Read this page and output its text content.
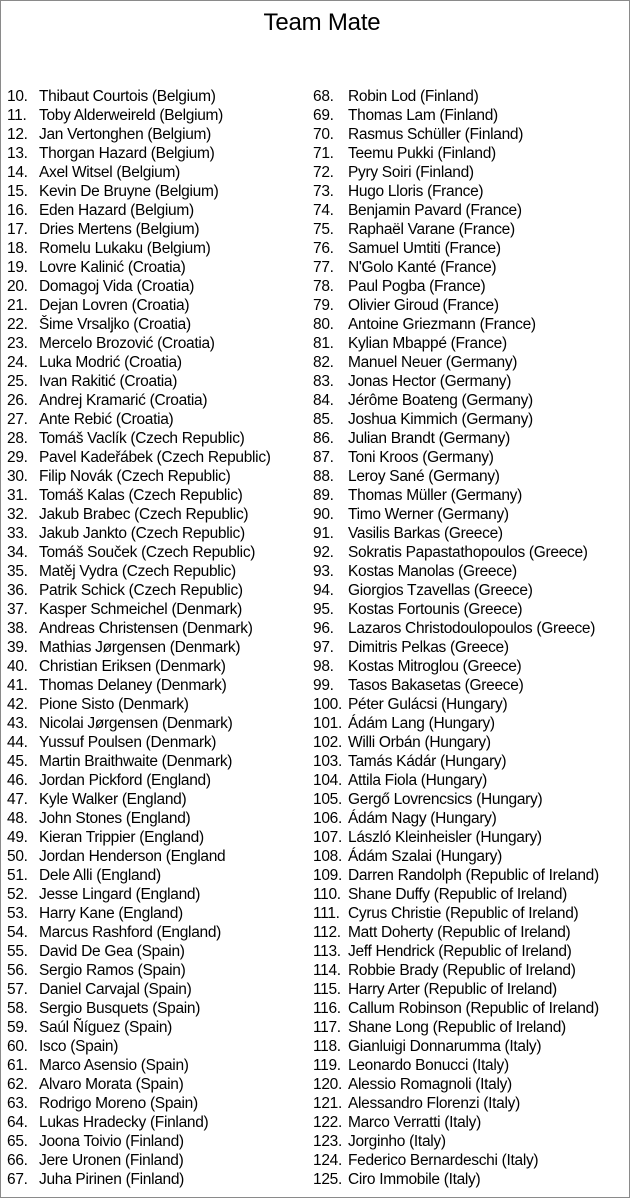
Team Mate
10. Thibaut Courtois (Belgium)
11. Toby Alderweireld (Belgium)
12. Jan Vertonghen (Belgium)
13. Thorgan Hazard (Belgium)
14. Axel Witsel (Belgium)
15. Kevin De Bruyne (Belgium)
16. Eden Hazard (Belgium)
17. Dries Mertens (Belgium)
18. Romelu Lukaku (Belgium)
19. Lovre Kalinić (Croatia)
20. Domagoj Vida (Croatia)
21. Dejan Lovren (Croatia)
22. Šime Vrsaljko (Croatia)
23. Mercelo Brozović (Croatia)
24. Luka Modrić (Croatia)
25. Ivan Rakitić (Croatia)
26. Andrej Kramarić (Croatia)
27. Ante Rebić (Croatia)
28. Tomáš Vaclík (Czech Republic)
29. Pavel Kadeřábek (Czech Republic)
30. Filip Novák (Czech Republic)
31. Tomáš Kalas (Czech Republic)
32. Jakub Brabec (Czech Republic)
33. Jakub Jankto (Czech Republic)
34. Tomáš Souček (Czech Republic)
35. Matěj Vydra (Czech Republic)
36. Patrik Schick (Czech Republic)
37. Kasper Schmeichel (Denmark)
38. Andreas Christensen (Denmark)
39. Mathias Jørgensen (Denmark)
40. Christian Eriksen (Denmark)
41. Thomas Delaney (Denmark)
42. Pione Sisto (Denmark)
43. Nicolai Jørgensen (Denmark)
44. Yussuf Poulsen (Denmark)
45. Martin Braithwaite (Denmark)
46. Jordan Pickford (England)
47. Kyle Walker (England)
48. John Stones (England)
49. Kieran Trippier (England)
50. Jordan Henderson (England
51. Dele Alli (England)
52. Jesse Lingard (England)
53. Harry Kane (England)
54. Marcus Rashford (England)
55. David De Gea (Spain)
56. Sergio Ramos (Spain)
57. Daniel Carvajal (Spain)
58. Sergio Busquets (Spain)
59. Saúl Ñíguez (Spain)
60. Isco (Spain)
61. Marco Asensio (Spain)
62. Alvaro Morata (Spain)
63. Rodrigo Moreno (Spain)
64. Lukas Hradecky (Finland)
65. Joona Toivio (Finland)
66. Jere Uronen (Finland)
67. Juha Pirinen (Finland)
68. Robin Lod (Finland)
69. Thomas Lam (Finland)
70. Rasmus Schüller (Finland)
71. Teemu Pukki (Finland)
72. Pyry Soiri (Finland)
73. Hugo Lloris (France)
74. Benjamin Pavard (France)
75. Raphaël Varane (France)
76. Samuel Umtiti (France)
77. N'Golo Kanté (France)
78. Paul Pogba (France)
79. Olivier Giroud (France)
80. Antoine Griezmann (France)
81. Kylian Mbappé (France)
82. Manuel Neuer (Germany)
83. Jonas Hector (Germany)
84. Jérôme Boateng (Germany)
85. Joshua Kimmich (Germany)
86. Julian Brandt (Germany)
87. Toni Kroos (Germany)
88. Leroy Sané (Germany)
89. Thomas Müller (Germany)
90. Timo Werner (Germany)
91. Vasilis Barkas (Greece)
92. Sokratis Papastathopoulos (Greece)
93. Kostas Manolas (Greece)
94. Giorgios Tzavellas (Greece)
95. Kostas Fortounis (Greece)
96. Lazaros Christodoulopoulos (Greece)
97. Dimitris Pelkas (Greece)
98. Kostas Mitroglou (Greece)
99. Tasos Bakasetas (Greece)
100. Péter Gulácsi (Hungary)
101. Ádám Lang (Hungary)
102. Willi Orbán (Hungary)
103. Tamás Kádár (Hungary)
104. Attila Fiola (Hungary)
105. Gergő Lovrencsics (Hungary)
106. Ádám Nagy (Hungary)
107. László Kleinheisler (Hungary)
108. Ádám Szalai (Hungary)
109. Darren Randolph (Republic of Ireland)
110. Shane Duffy (Republic of Ireland)
111. Cyrus Christie (Republic of Ireland)
112. Matt Doherty (Republic of Ireland)
113. Jeff Hendrick (Republic of Ireland)
114. Robbie Brady (Republic of Ireland)
115. Harry Arter (Republic of Ireland)
116. Callum Robinson (Republic of Ireland)
117. Shane Long (Republic of Ireland)
118. Gianluigi Donnarumma (Italy)
119. Leonardo Bonucci (Italy)
120. Alessio Romagnoli (Italy)
121. Alessandro Florenzi (Italy)
122. Marco Verratti (Italy)
123. Jorginho (Italy)
124. Federico Bernardeschi (Italy)
125. Ciro Immobile (Italy)
